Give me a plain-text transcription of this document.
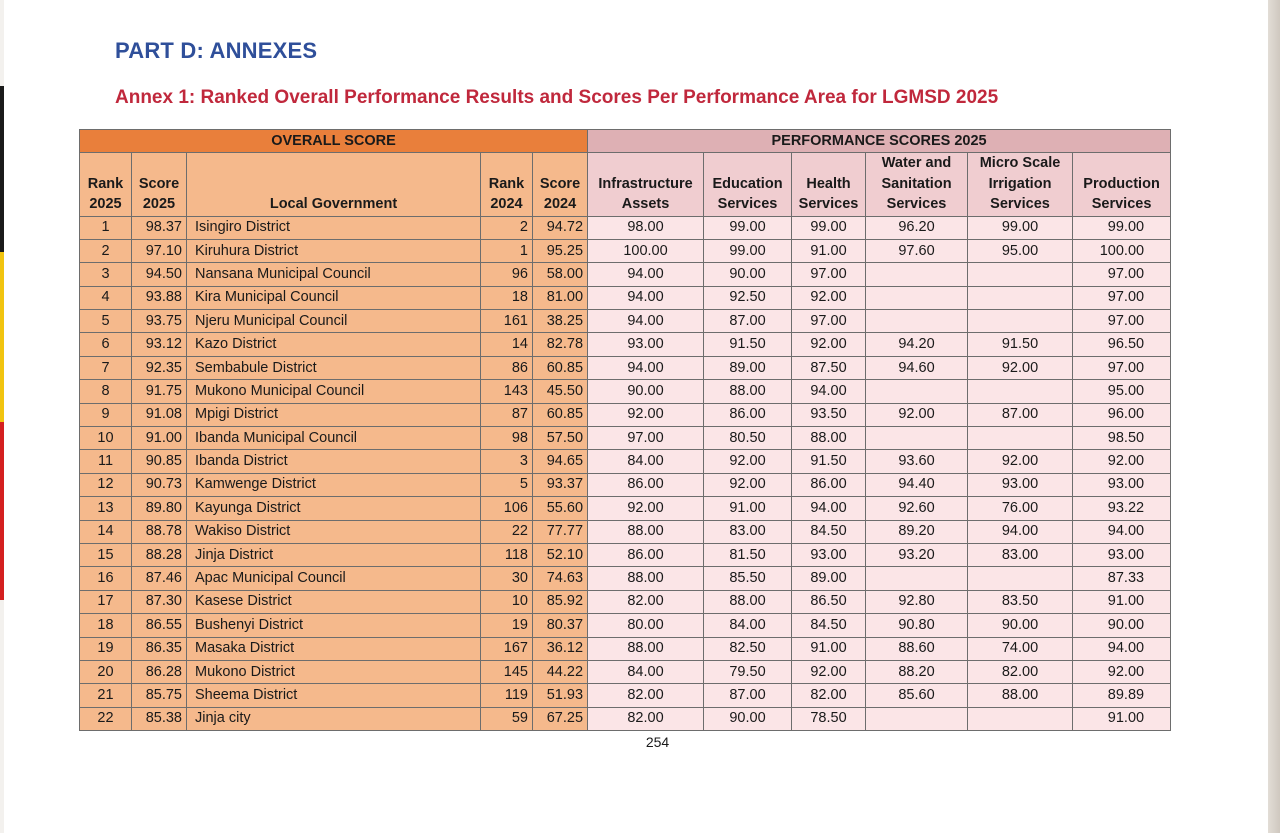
PART D: ANNEXES
Annex 1: Ranked Overall Performance Results and Scores Per Performance Area for LGMSD 2025
OVERALL SCORE					PERFORMANCE SCORES 2025					
Rank 2025	Score 2025	Local Government	Rank 2024	Score 2024	Infrastructure Assets	Education Services	Health Services	Water and Sanitation Services	Micro Scale Irrigation Services	Production Services
1	98.37	Isingiro District	2	94.72	98.00	99.00	99.00	96.20	99.00	99.00
2	97.10	Kiruhura District	1	95.25	100.00	99.00	91.00	97.60	95.00	100.00
3	94.50	Nansana Municipal Council	96	58.00	94.00	90.00	97.00			97.00
4	93.88	Kira Municipal Council	18	81.00	94.00	92.50	92.00			97.00
5	93.75	Njeru Municipal Council	161	38.25	94.00	87.00	97.00			97.00
6	93.12	Kazo District	14	82.78	93.00	91.50	92.00	94.20	91.50	96.50
7	92.35	Sembabule District	86	60.85	94.00	89.00	87.50	94.60	92.00	97.00
8	91.75	Mukono Municipal Council	143	45.50	90.00	88.00	94.00			95.00
9	91.08	Mpigi District	87	60.85	92.00	86.00	93.50	92.00	87.00	96.00
10	91.00	Ibanda Municipal Council	98	57.50	97.00	80.50	88.00			98.50
11	90.85	Ibanda District	3	94.65	84.00	92.00	91.50	93.60	92.00	92.00
12	90.73	Kamwenge District	5	93.37	86.00	92.00	86.00	94.40	93.00	93.00
13	89.80	Kayunga District	106	55.60	92.00	91.00	94.00	92.60	76.00	93.22
14	88.78	Wakiso District	22	77.77	88.00	83.00	84.50	89.20	94.00	94.00
15	88.28	Jinja District	118	52.10	86.00	81.50	93.00	93.20	83.00	93.00
16	87.46	Apac Municipal Council	30	74.63	88.00	85.50	89.00			87.33
17	87.30	Kasese District	10	85.92	82.00	88.00	86.50	92.80	83.50	91.00
18	86.55	Bushenyi District	19	80.37	80.00	84.00	84.50	90.80	90.00	90.00
19	86.35	Masaka District	167	36.12	88.00	82.50	91.00	88.60	74.00	94.00
20	86.28	Mukono District	145	44.22	84.00	79.50	92.00	88.20	82.00	92.00
21	85.75	Sheema District	119	51.93	82.00	87.00	82.00	85.60	88.00	89.89
22	85.38	Jinja city	59	67.25	82.00	90.00	78.50			91.00
254
